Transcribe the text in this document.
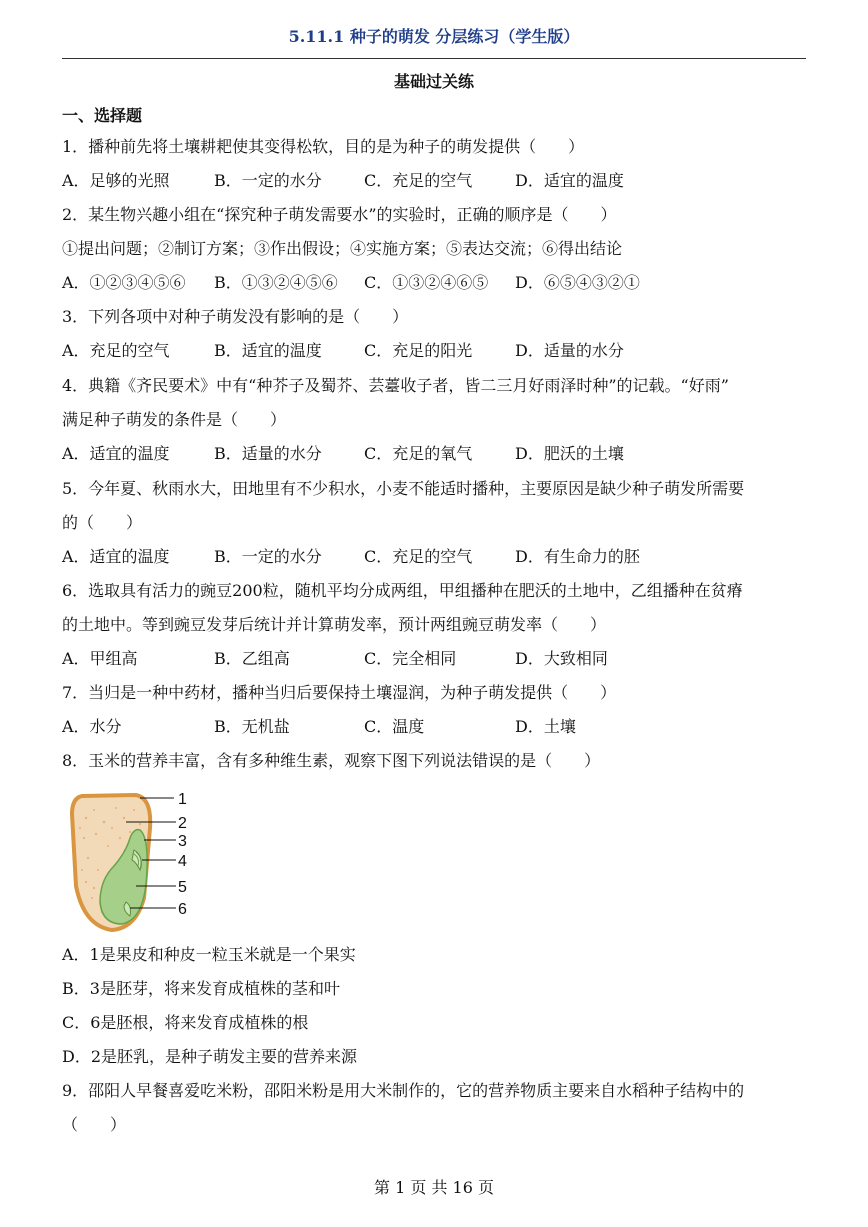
5.11.1 种子的萌发 分层练习（学生版）
基础过关练
一、选择题
1．播种前先将土壤耕耙使其变得松软，目的是为种子的萌发提供（　　）
A．足够的光照	B．一定的水分	C．充足的空气	D．适宜的温度
2．某生物兴趣小组在“探究种子萌发需要水”的实验时，正确的顺序是（　　）
①提出问题；②制订方案；③作出假设；④实施方案；⑤表达交流；⑥得出结论
A．①②③④⑤⑥ B．①③②④⑤⑥ C．①③②④⑥⑤ D．⑥⑤④③②①
3．下列各项中对种子萌发没有影响的是（　　）
A．充足的空气	B．适宜的温度	C．充足的阳光	D．适量的水分
4．典籍《齐民要术》中有“种芥子及蜀芥、芸薹收子者，皆二三月好雨泽时种”的记载。“好雨”
满足种子萌发的条件是（　　）
A．适宜的温度	B．适量的水分	C．充足的氧气	D．肥沃的土壤
5．今年夏、秋雨水大，田地里有不少积水，小麦不能适时播种，主要原因是缺少种子萌发所需要
的（　　）
A．适宜的温度	B．一定的水分	C．充足的空气	D．有生命力的胚
6．选取具有活力的豌豆200粒，随机平均分成两组，甲组播种在肥沃的土地中，乙组播种在贫瘠
的土地中。等到豌豆发芽后统计并计算萌发率，预计两组豌豆萌发率（　　）
A．甲组高	B．乙组高	C．完全相同	D．大致相同
7．当归是一种中药材，播种当归后要保持土壤湿润，为种子萌发提供（　　）
A．水分	B．无机盐	C．温度	D．土壤
8．玉米的营养丰富，含有多种维生素，观察下图下列说法错误的是（　　）
1
2
3
4
5
6
A．1是果皮和种皮一粒玉米就是一个果实
B．3是胚芽，将来发育成植株的茎和叶
C．6是胚根，将来发育成植株的根
D．2是胚乳，是种子萌发主要的营养来源
9．邵阳人早餐喜爱吃米粉，邵阳米粉是用大米制作的，它的营养物质主要来自水稻种子结构中的
（　　）
第 1 页 共 16 页
